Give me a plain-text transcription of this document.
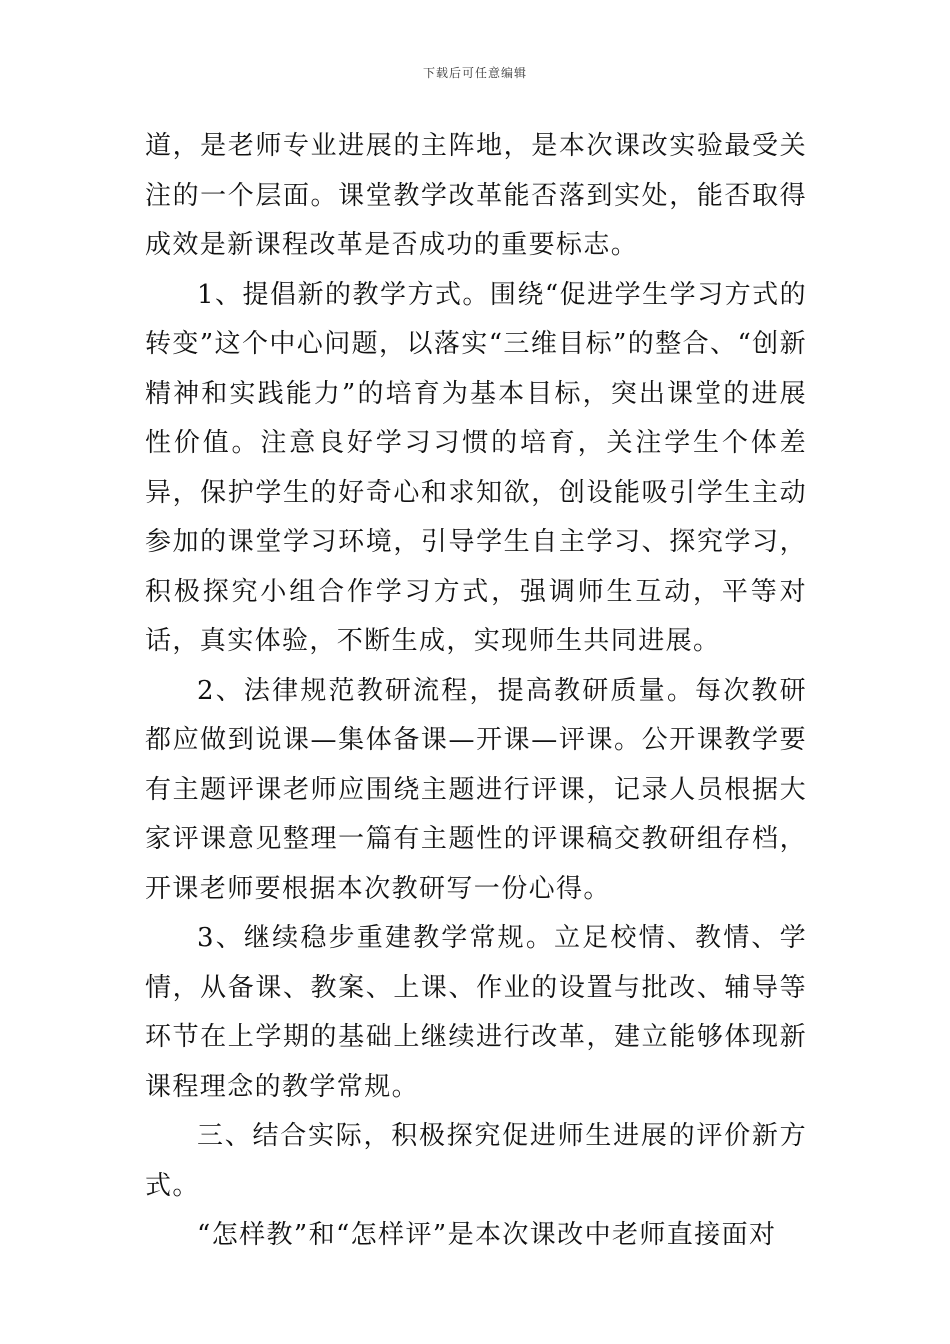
下载后可任意编辑

道，是老师专业进展的主阵地，是本次课改实验最受关注的一个层面。课堂教学改革能否落到实处，能否取得成效是新课程改革是否成功的重要标志。

1、提倡新的教学方式。围绕“促进学生学习方式的转变”这个中心问题，以落实“三维目标”的整合、“创新精神和实践能力”的培育为基本目标，突出课堂的进展性价值。注意良好学习习惯的培育，关注学生个体差异，保护学生的好奇心和求知欲，创设能吸引学生主动参加的课堂学习环境，引导学生自主学习、探究学习，积极探究小组合作学习方式，强调师生互动，平等对话，真实体验，不断生成，实现师生共同进展。

2、法律规范教研流程，提高教研质量。每次教研都应做到说课—集体备课—开课—评课。公开课教学要有主题评课老师应围绕主题进行评课，记录人员根据大家评课意见整理一篇有主题性的评课稿交教研组存档，开课老师要根据本次教研写一份心得。

3、继续稳步重建教学常规。立足校情、教情、学情，从备课、教案、上课、作业的设置与批改、辅导等环节在上学期的基础上继续进行改革，建立能够体现新课程理念的教学常规。

三、结合实际，积极探究促进师生进展的评价新方式。

“怎样教”和“怎样评”是本次课改中老师直接面对
